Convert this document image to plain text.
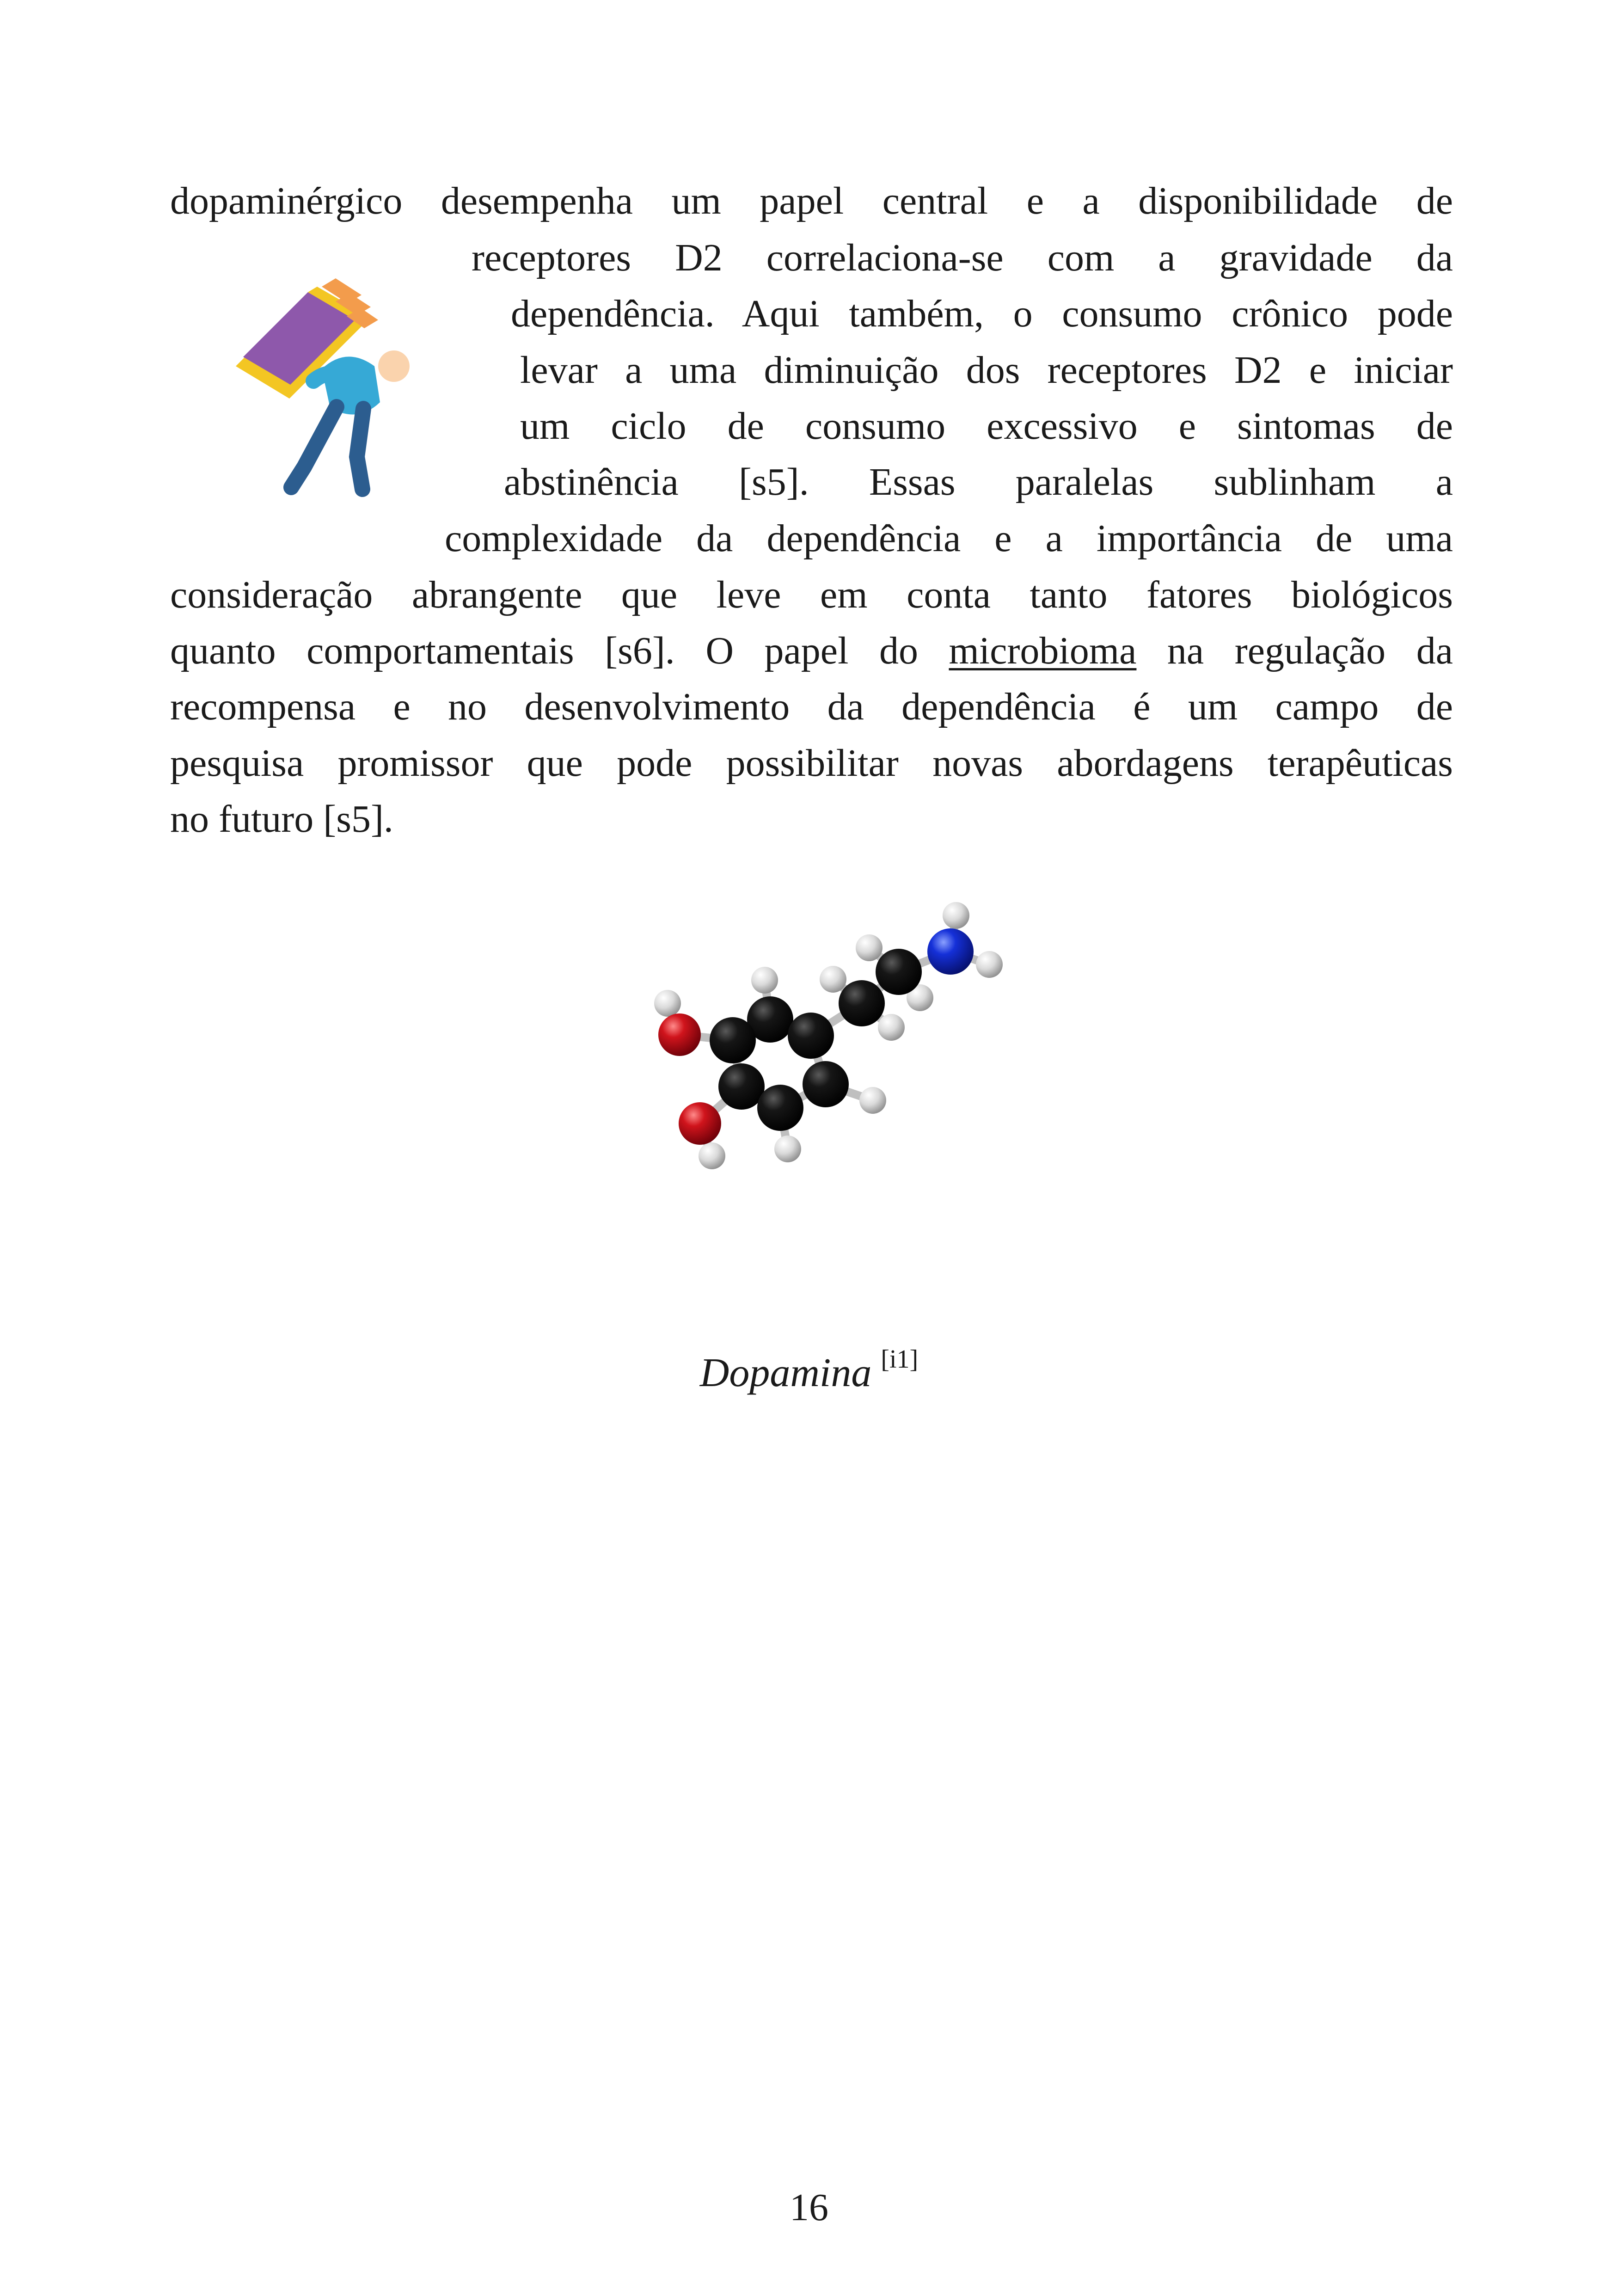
dopaminérgico desempenha um papel central e a disponibilidade de
receptores D2 correlaciona-se com a gravidade da
dependência. Aqui também, o consumo crônico pode
levar a uma diminuição dos receptores D2 e iniciar
um ciclo de consumo excessivo e sintomas de
abstinência [s5]. Essas paralelas sublinham a
complexidade da dependência e a importância de uma
consideração abrangente que leve em conta tanto fatores biológicos
quanto comportamentais [s6]. O papel do microbioma na regulação da
recompensa e no desenvolvimento da dependência é um campo de
pesquisa promissor que pode possibilitar novas abordagens terapêuticas
no futuro [s5].
Dopamina [i1]
16
